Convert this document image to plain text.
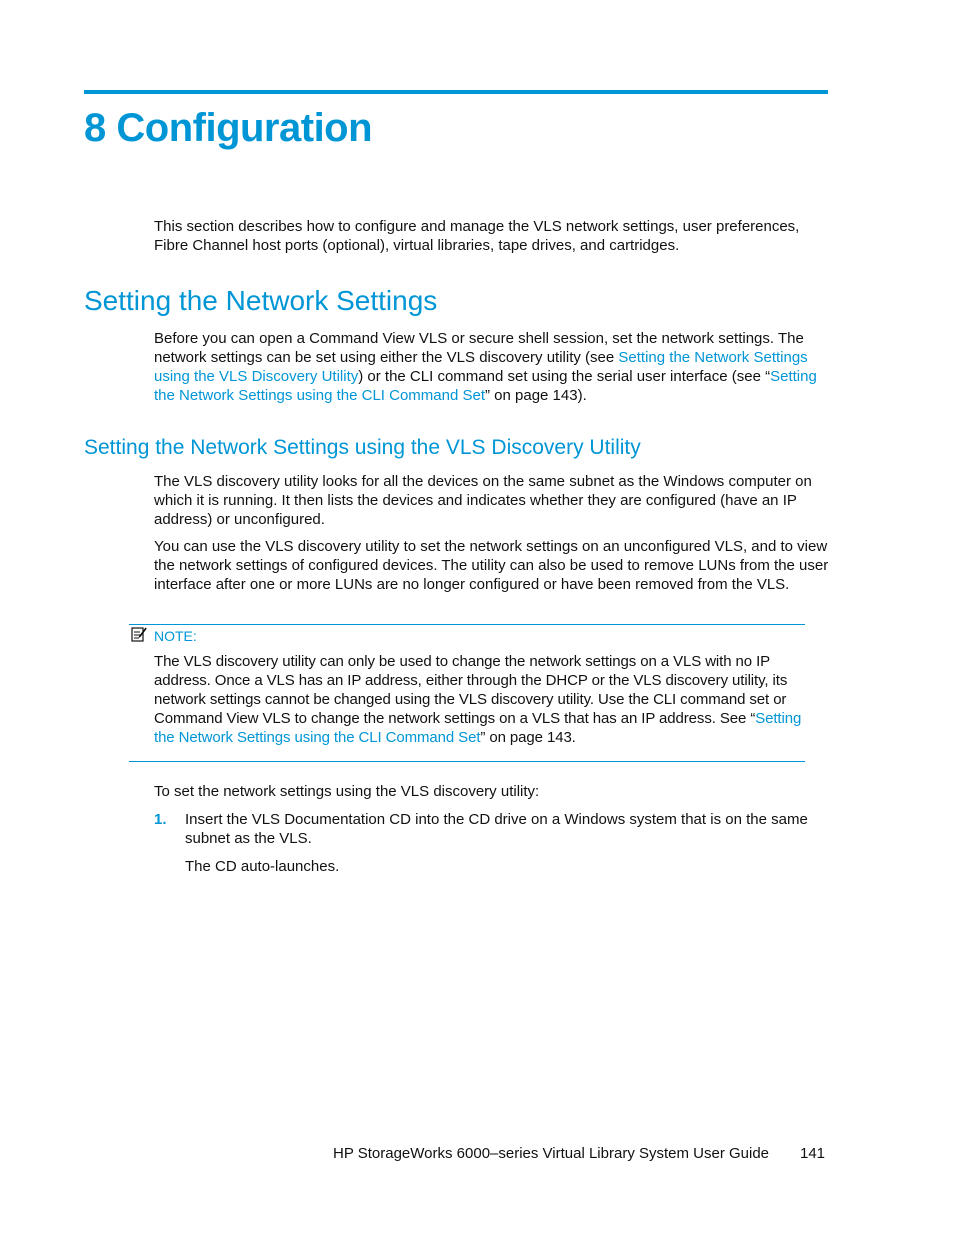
8 Configuration

This section describes how to configure and manage the VLS network settings, user preferences, Fibre Channel host ports (optional), virtual libraries, tape drives, and cartridges.

Setting the Network Settings

Before you can open a Command View VLS or secure shell session, set the network settings. The network settings can be set using either the VLS discovery utility (see Setting the Network Settings using the VLS Discovery Utility) or the CLI command set using the serial user interface (see “Setting the Network Settings using the CLI Command Set” on page 143).

Setting the Network Settings using the VLS Discovery Utility

The VLS discovery utility looks for all the devices on the same subnet as the Windows computer on which it is running. It then lists the devices and indicates whether they are configured (have an IP address) or unconfigured.

You can use the VLS discovery utility to set the network settings on an unconfigured VLS, and to view the network settings of configured devices. The utility can also be used to remove LUNs from the user interface after one or more LUNs are no longer configured or have been removed from the VLS.

NOTE:

The VLS discovery utility can only be used to change the network settings on a VLS with no IP address. Once a VLS has an IP address, either through the DHCP or the VLS discovery utility, its network settings cannot be changed using the VLS discovery utility. Use the CLI command set or Command View VLS to change the network settings on a VLS that has an IP address. See “Setting the Network Settings using the CLI Command Set” on page 143.

To set the network settings using the VLS discovery utility:

1. Insert the VLS Documentation CD into the CD drive on a Windows system that is on the same subnet as the VLS.

The CD auto-launches.

HP StorageWorks 6000–series Virtual Library System User Guide 141
